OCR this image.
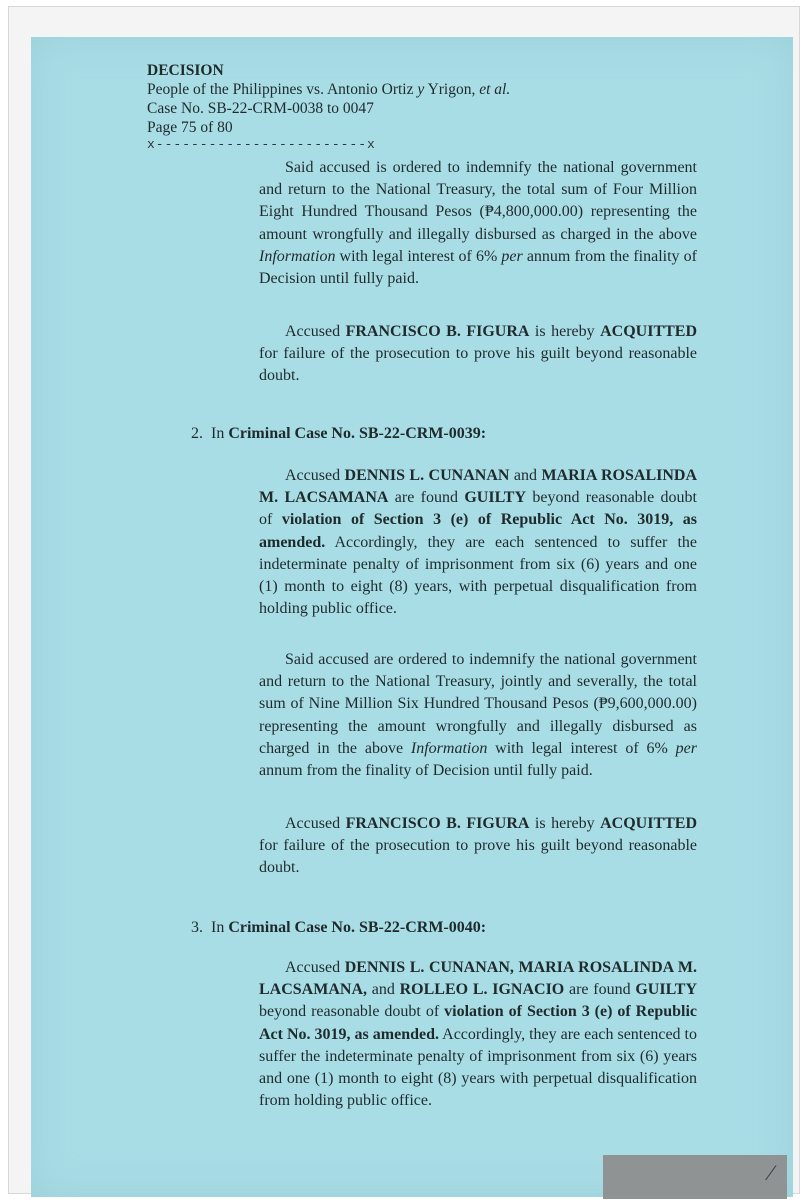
DECISION
People of the Philippines vs. Antonio Ortiz y Yrigon, et al.
Case No. SB-22-CRM-0038 to 0047
Page 75 of 80
x------------------------x
Said accused is ordered to indemnify the national government and return to the National Treasury, the total sum of Four Million Eight Hundred Thousand Pesos (₱4,800,000.00) representing the amount wrongfully and illegally disbursed as charged in the above Information with legal interest of 6% per annum from the finality of Decision until fully paid.
Accused FRANCISCO B. FIGURA is hereby ACQUITTED for failure of the prosecution to prove his guilt beyond reasonable doubt.
2. In Criminal Case No. SB-22-CRM-0039:
Accused DENNIS L. CUNANAN and MARIA ROSALINDA M. LACSAMANA are found GUILTY beyond reasonable doubt of violation of Section 3 (e) of Republic Act No. 3019, as amended. Accordingly, they are each sentenced to suffer the indeterminate penalty of imprisonment from six (6) years and one (1) month to eight (8) years, with perpetual disqualification from holding public office.
Said accused are ordered to indemnify the national government and return to the National Treasury, jointly and severally, the total sum of Nine Million Six Hundred Thousand Pesos (₱9,600,000.00) representing the amount wrongfully and illegally disbursed as charged in the above Information with legal interest of 6% per annum from the finality of Decision until fully paid.
Accused FRANCISCO B. FIGURA is hereby ACQUITTED for failure of the prosecution to prove his guilt beyond reasonable doubt.
3. In Criminal Case No. SB-22-CRM-0040:
Accused DENNIS L. CUNANAN, MARIA ROSALINDA M. LACSAMANA, and ROLLEO L. IGNACIO are found GUILTY beyond reasonable doubt of violation of Section 3 (e) of Republic Act No. 3019, as amended. Accordingly, they are each sentenced to suffer the indeterminate penalty of imprisonment from six (6) years and one (1) month to eight (8) years with perpetual disqualification from holding public office.
⁄
